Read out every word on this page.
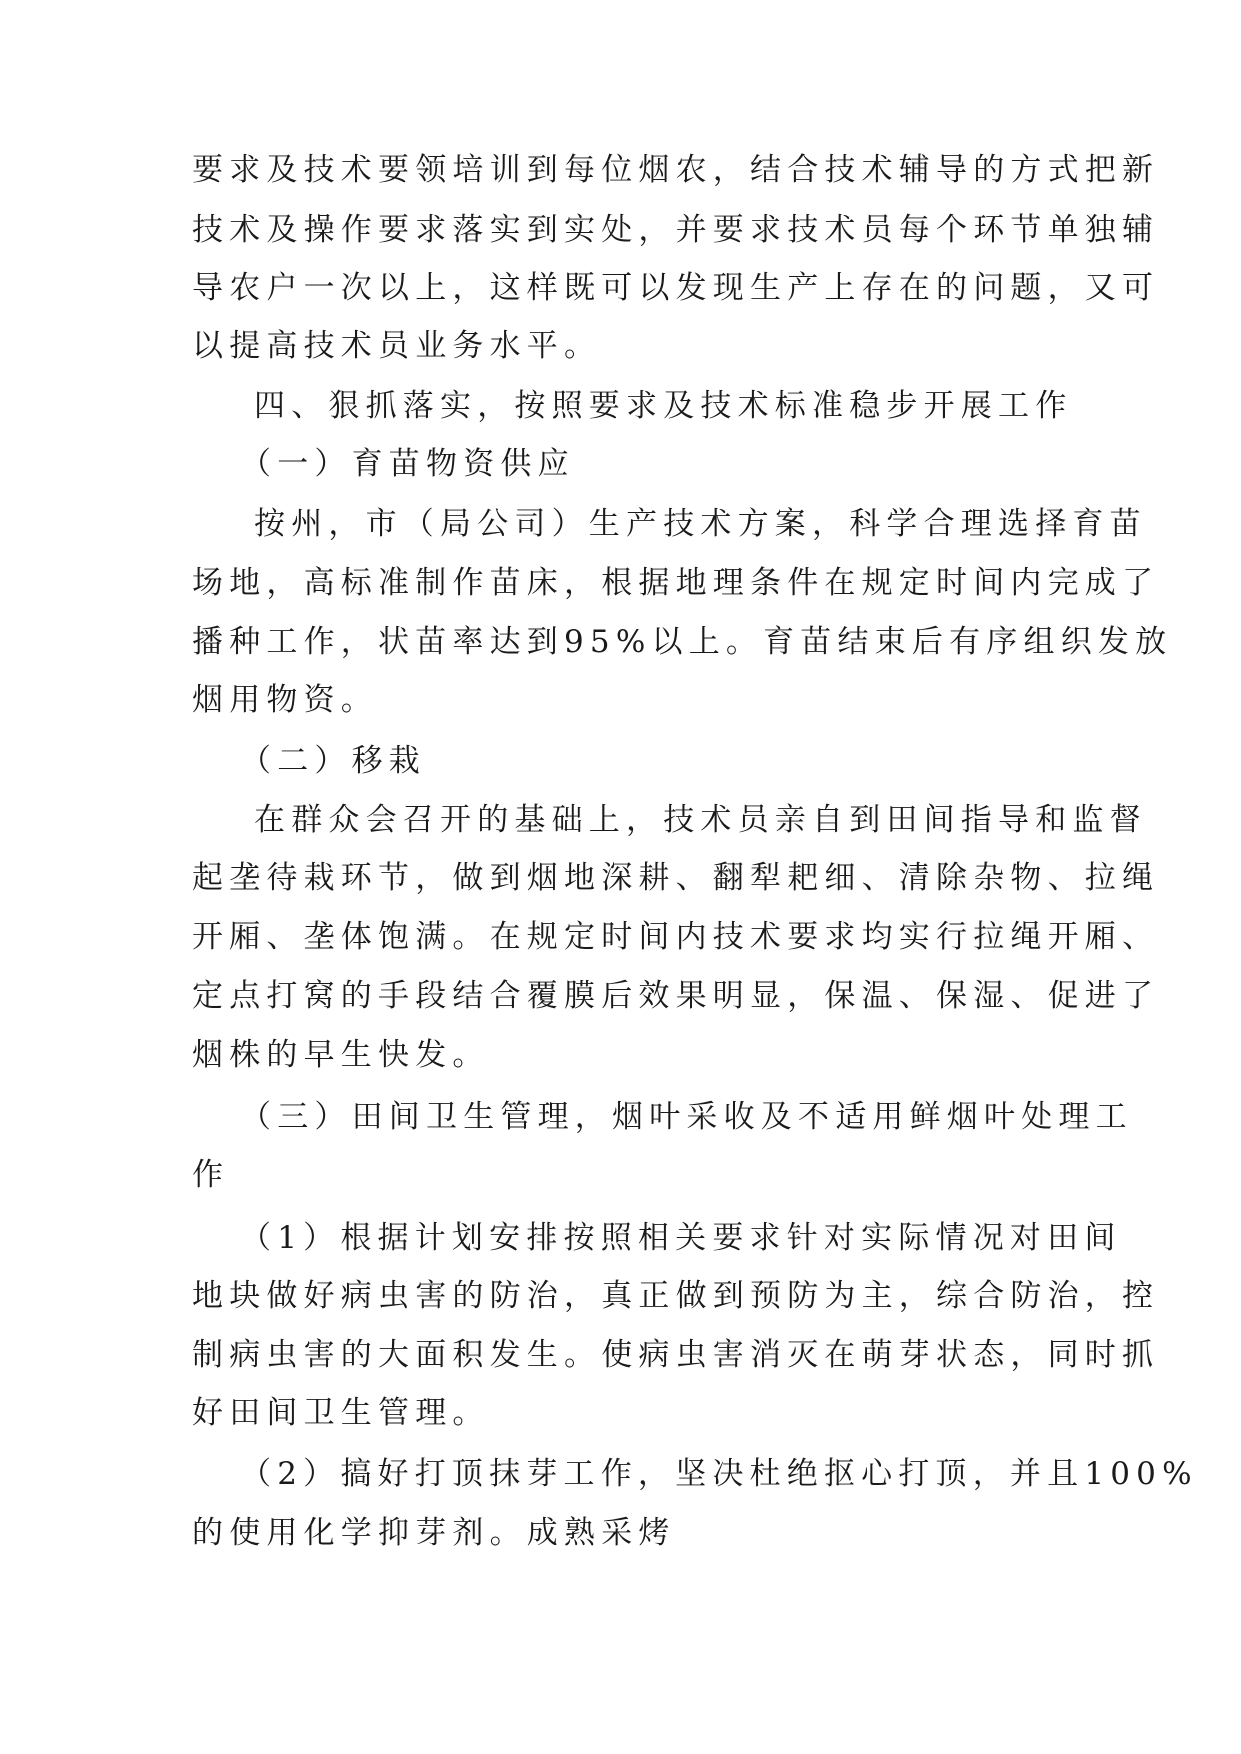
要求及技术要领培训到每位烟农，结合技术辅导的方式把新
技术及操作要求落实到实处，并要求技术员每个环节单独辅
导农户一次以上，这样既可以发现生产上存在的问题，又可
以提高技术员业务水平。
四、狠抓落实，按照要求及技术标准稳步开展工作
（一）育苗物资供应
按州，市（局公司）生产技术方案，科学合理选择育苗
场地，高标准制作苗床，根据地理条件在规定时间内完成了
播种工作，状苗率达到95%以上。育苗结束后有序组织发放
烟用物资。
（二）移栽
在群众会召开的基础上，技术员亲自到田间指导和监督
起垄待栽环节，做到烟地深耕、翻犁耙细、清除杂物、拉绳
开厢、垄体饱满。在规定时间内技术要求均实行拉绳开厢、
定点打窝的手段结合覆膜后效果明显，保温、保湿、促进了
烟株的早生快发。
（三）田间卫生管理，烟叶采收及不适用鲜烟叶处理工
作
（1）根据计划安排按照相关要求针对实际情况对田间
地块做好病虫害的防治，真正做到预防为主，综合防治，控
制病虫害的大面积发生。使病虫害消灭在萌芽状态，同时抓
好田间卫生管理。
（2）搞好打顶抹芽工作，坚决杜绝抠心打顶，并且100%
的使用化学抑芽剂。成熟采烤
